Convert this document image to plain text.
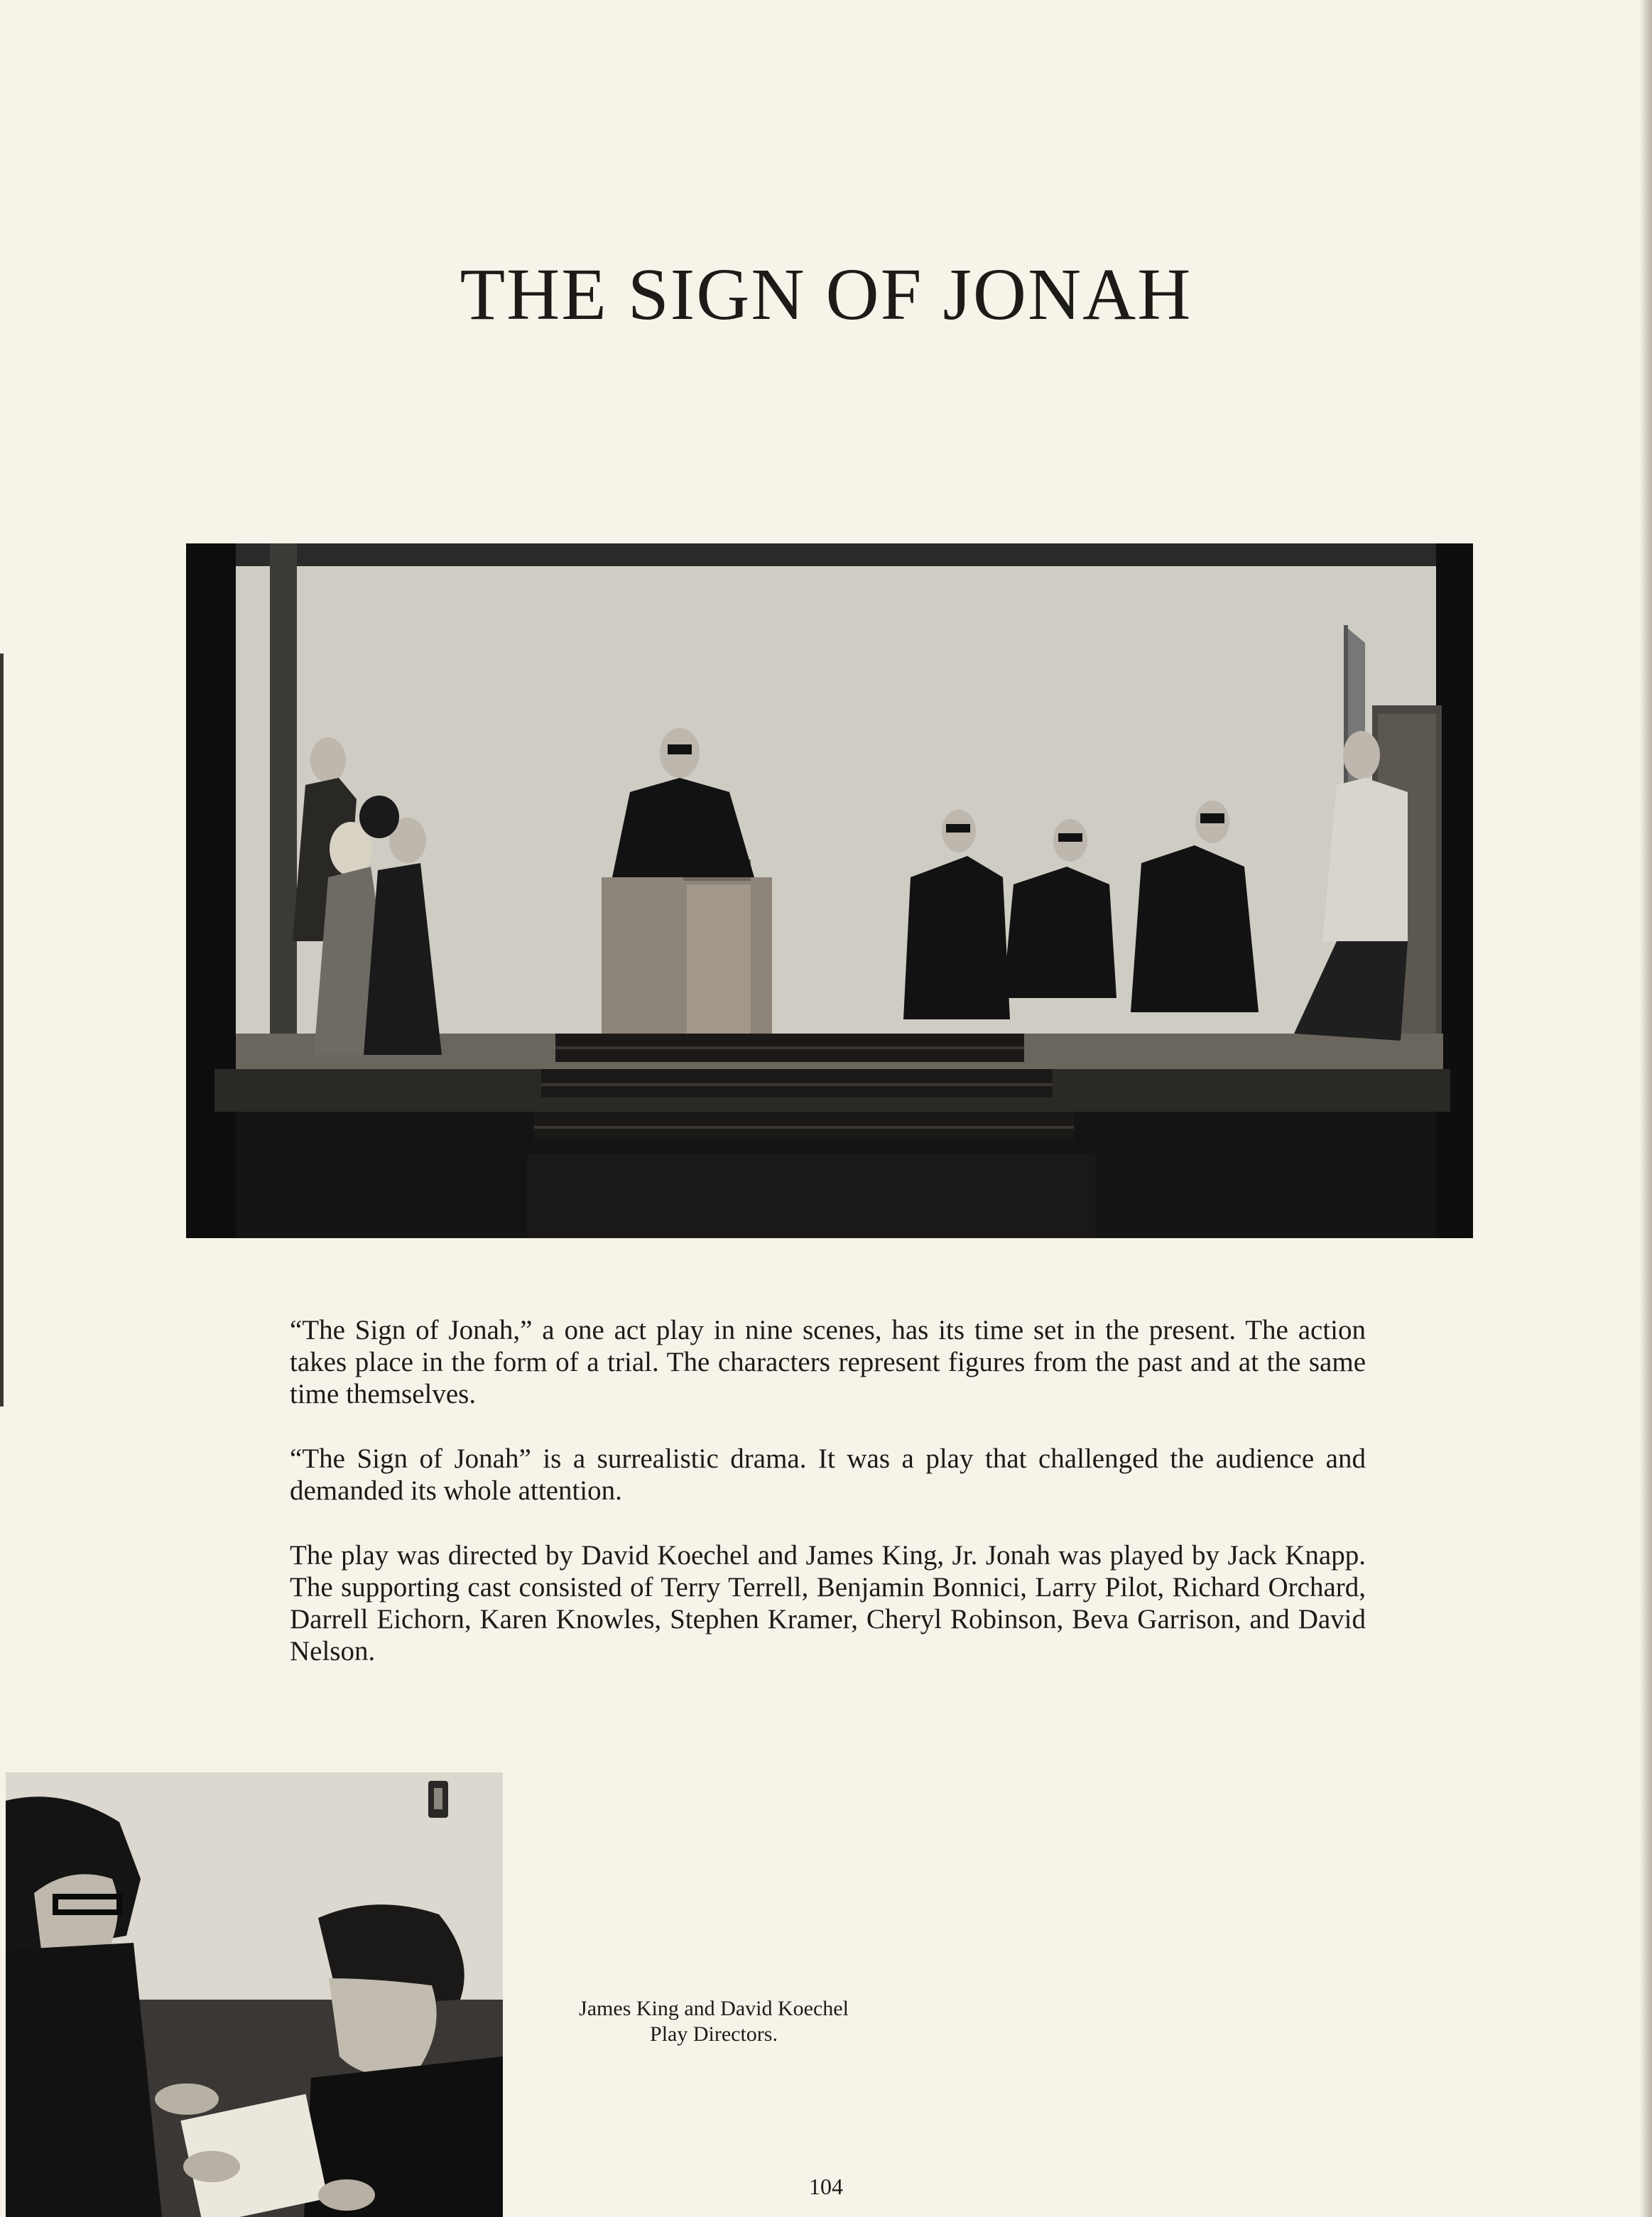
THE SIGN OF JONAH

“The Sign of Jonah,” a one act play in nine scenes, has its time set in the present. The action takes place in the form of a trial. The characters represent figures from the past and at the same time themselves.

“The Sign of Jonah” is a surrealistic drama. It was a play that challenged the audience and demanded its whole attention.

The play was directed by David Koechel and James King, Jr. Jonah was played by Jack Knapp. The supporting cast consisted of Terry Terrell, Benjamin Bonnici, Larry Pilot, Richard Orchard, Darrell Eichorn, Karen Knowles, Stephen Kramer, Cheryl Robinson, Beva Garrison, and David Nelson.

James King and David Koechel
Play Directors.
104
